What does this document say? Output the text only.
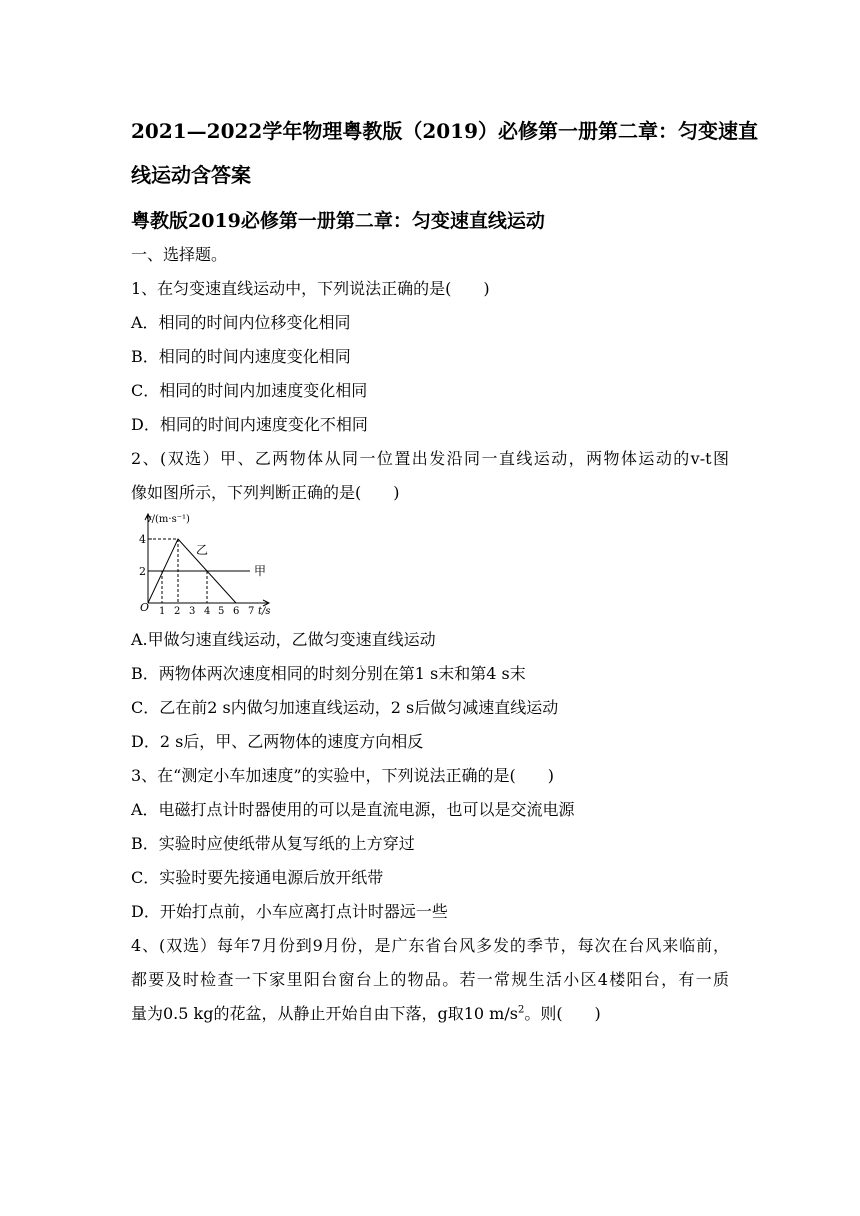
2021—2022学年物理粤教版（2019）必修第一册第二章：匀变速直
线运动含答案
粤教版2019必修第一册第二章：匀变速直线运动
一、选择题。
1、在匀变速直线运动中，下列说法正确的是(　　)
A．相同的时间内位移变化相同
B．相同的时间内速度变化相同
C．相同的时间内加速度变化相同
D．相同的时间内速度变化不相同
2、(双选）甲、乙两物体从同一位置出发沿同一直线运动，两物体运动的v-t图
像如图所示，下列判断正确的是(　　)
v/(m·s⁻¹)
4
2
O 1 2 3 4 5 6 7 t/s
乙
甲
A.甲做匀速直线运动，乙做匀变速直线运动
B．两物体两次速度相同的时刻分别在第1 s末和第4 s末
C．乙在前2 s内做匀加速直线运动，2 s后做匀减速直线运动
D．2 s后，甲、乙两物体的速度方向相反
3、在“测定小车加速度”的实验中，下列说法正确的是(　　)
A．电磁打点计时器使用的可以是直流电源，也可以是交流电源
B．实验时应使纸带从复写纸的上方穿过
C．实验时要先接通电源后放开纸带
D．开始打点前，小车应离打点计时器远一些
4、(双选）每年7月份到9月份，是广东省台风多发的季节，每次在台风来临前，
都要及时检查一下家里阳台窗台上的物品。若一常规生活小区4楼阳台，有一质
量为0.5 kg的花盆，从静止开始自由下落，g取10 $m/s^2$。则(　　)
